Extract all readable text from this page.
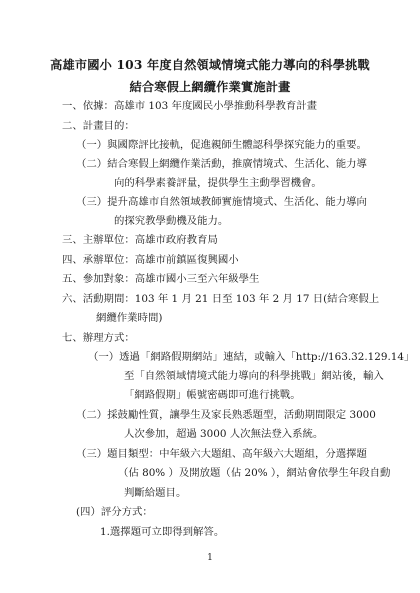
高雄市國小 103 年度自然領域情境式能力導向的科學挑戰
結合寒假上網纜作業實施計畫
一、依據：高雄市 103 年度國民小學推動科學教育計畫
二、計畫目的：
（一）與國際評比接軌，促進親師生體認科學探究能力的重要。
（二）結合寒假上網纜作業活動，推廣情境式、生活化、能力導
向的科學素養評量，提供學生主動學習機會。
（三）提升高雄市自然領域教師實施情境式、生活化、能力導向
的探究教學動機及能力。
三、主辦單位：高雄市政府教育局
四、承辦單位：高雄市前鎮區復興國小
五、參加對象：高雄市國小三至六年級學生
六、活動期間：103 年 1 月 21 日至 103 年 2 月 17 日(結合寒假上
網纜作業時間)
七、辦理方式：
（一）透過「網路假期網站」連結，或輸入「http://163.32.129.14」
至「自然領域情境式能力導向的科學挑戰」網站後，輸入
「網路假期」帳號密碼即可進行挑戰。
（二）採鼓勵性質，讓學生及家長熟悉題型，活動期間限定 3000
人次參加，超過 3000 人次無法登入系統。
（三）題目類型：中年級六大題組、高年級六大題組，分選擇題
（佔 80% ）及開放題（佔 20% ），網站會依學生年段自動
判斷給題目。
(四）評分方式：
1.選擇題可立即得到解答。
1
